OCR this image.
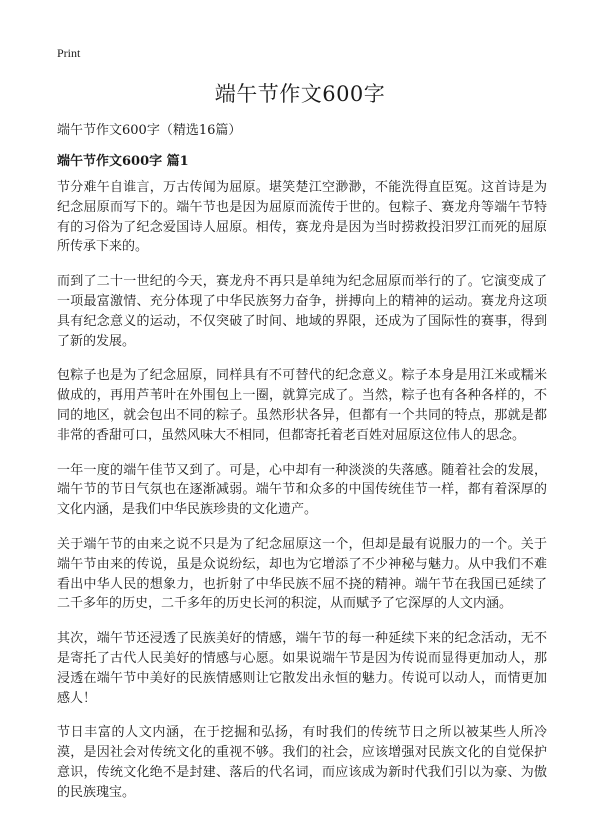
Print
端午节作文600字

端午节作文600字（精选16篇）

端午节作文600字 篇1

节分难午自谁言，万古传闻为屈原。堪笑楚江空渺渺，不能洗得直臣冤。这首诗是为纪念屈原而写下的。端午节也是因为屈原而流传于世的。包粽子、赛龙舟等端午节特有的习俗为了纪念爱国诗人屈原。相传，赛龙舟是因为当时捞救投汨罗江而死的屈原所传承下来的。

而到了二十一世纪的今天，赛龙舟不再只是单纯为纪念屈原而举行的了。它演变成了一项最富激情、充分体现了中华民族努力奋争，拼搏向上的精神的运动。赛龙舟这项具有纪念意义的运动，不仅突破了时间、地域的界限，还成为了国际性的赛事，得到了新的发展。

包粽子也是为了纪念屈原，同样具有不可替代的纪念意义。粽子本身是用江米或糯米做成的，再用芦苇叶在外围包上一圈，就算完成了。当然，粽子也有各种各样的，不同的地区，就会包出不同的粽子。虽然形状各异，但都有一个共同的特点，那就是都非常的香甜可口，虽然风味大不相同，但都寄托着老百姓对屈原这位伟人的思念。

一年一度的端午佳节又到了。可是，心中却有一种淡淡的失落感。随着社会的发展，端午节的节日气氛也在逐渐减弱。端午节和众多的中国传统佳节一样，都有着深厚的文化内涵，是我们中华民族珍贵的文化遗产。

关于端午节的由来之说不只是为了纪念屈原这一个，但却是最有说服力的一个。关于端午节由来的传说，虽是众说纷纭，却也为它增添了不少神秘与魅力。从中我们不难看出中华人民的想象力，也折射了中华民族不屈不挠的精神。端午节在我国已延续了二千多年的历史，二千多年的历史长河的积淀，从而赋予了它深厚的人文内涵。

其次，端午节还浸透了民族美好的情感，端午节的每一种延续下来的纪念活动，无不是寄托了古代人民美好的情感与心愿。如果说端午节是因为传说而显得更加动人，那浸透在端午节中美好的民族情感则让它散发出永恒的魅力。传说可以动人，而情更加感人！

节日丰富的人文内涵，在于挖掘和弘扬，有时我们的传统节日之所以被某些人所冷漠，是因社会对传统文化的重视不够。我们的社会，应该增强对民族文化的自觉保护意识，传统文化绝不是封建、落后的代名词，而应该成为新时代我们引以为豪、为傲的民族瑰宝。
